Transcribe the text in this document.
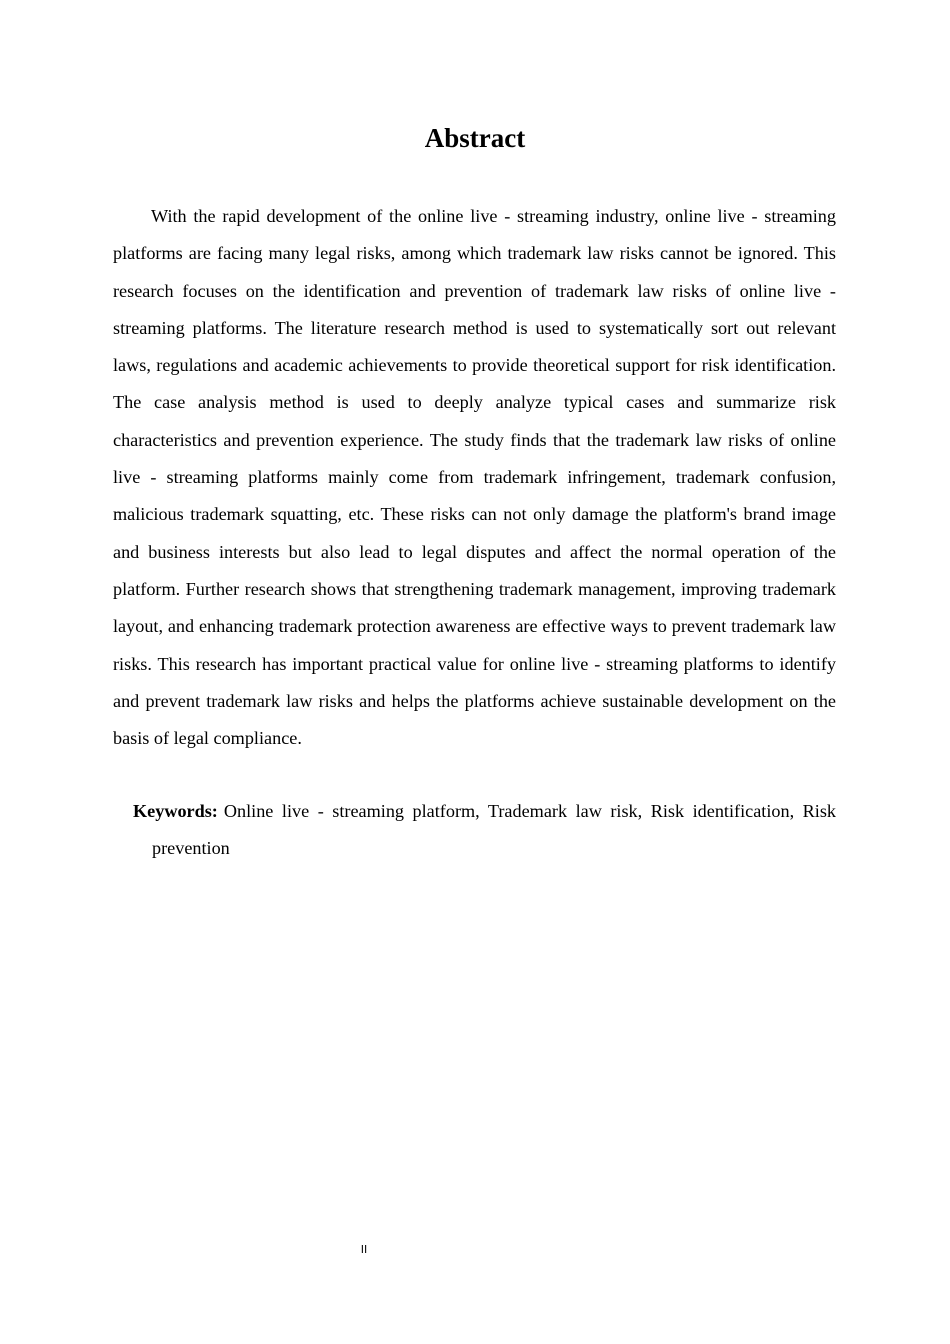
Abstract

With the rapid development of the online live - streaming industry, online live - streaming platforms are facing many legal risks, among which trademark law risks cannot be ignored. This research focuses on the identification and prevention of trademark law risks of online live - streaming platforms. The literature research method is used to systematically sort out relevant laws, regulations and academic achievements to provide theoretical support for risk identification. The case analysis method is used to deeply analyze typical cases and summarize risk characteristics and prevention experience. The study finds that the trademark law risks of online live - streaming platforms mainly come from trademark infringement, trademark confusion, malicious trademark squatting, etc. These risks can not only damage the platform's brand image and business interests but also lead to legal disputes and affect the normal operation of the platform. Further research shows that strengthening trademark management, improving trademark layout, and enhancing trademark protection awareness are effective ways to prevent trademark law risks. This research has important practical value for online live - streaming platforms to identify and prevent trademark law risks and helps the platforms achieve sustainable development on the basis of legal compliance.

Keywords: Online live - streaming platform, Trademark law risk, Risk identification, Risk prevention

II
